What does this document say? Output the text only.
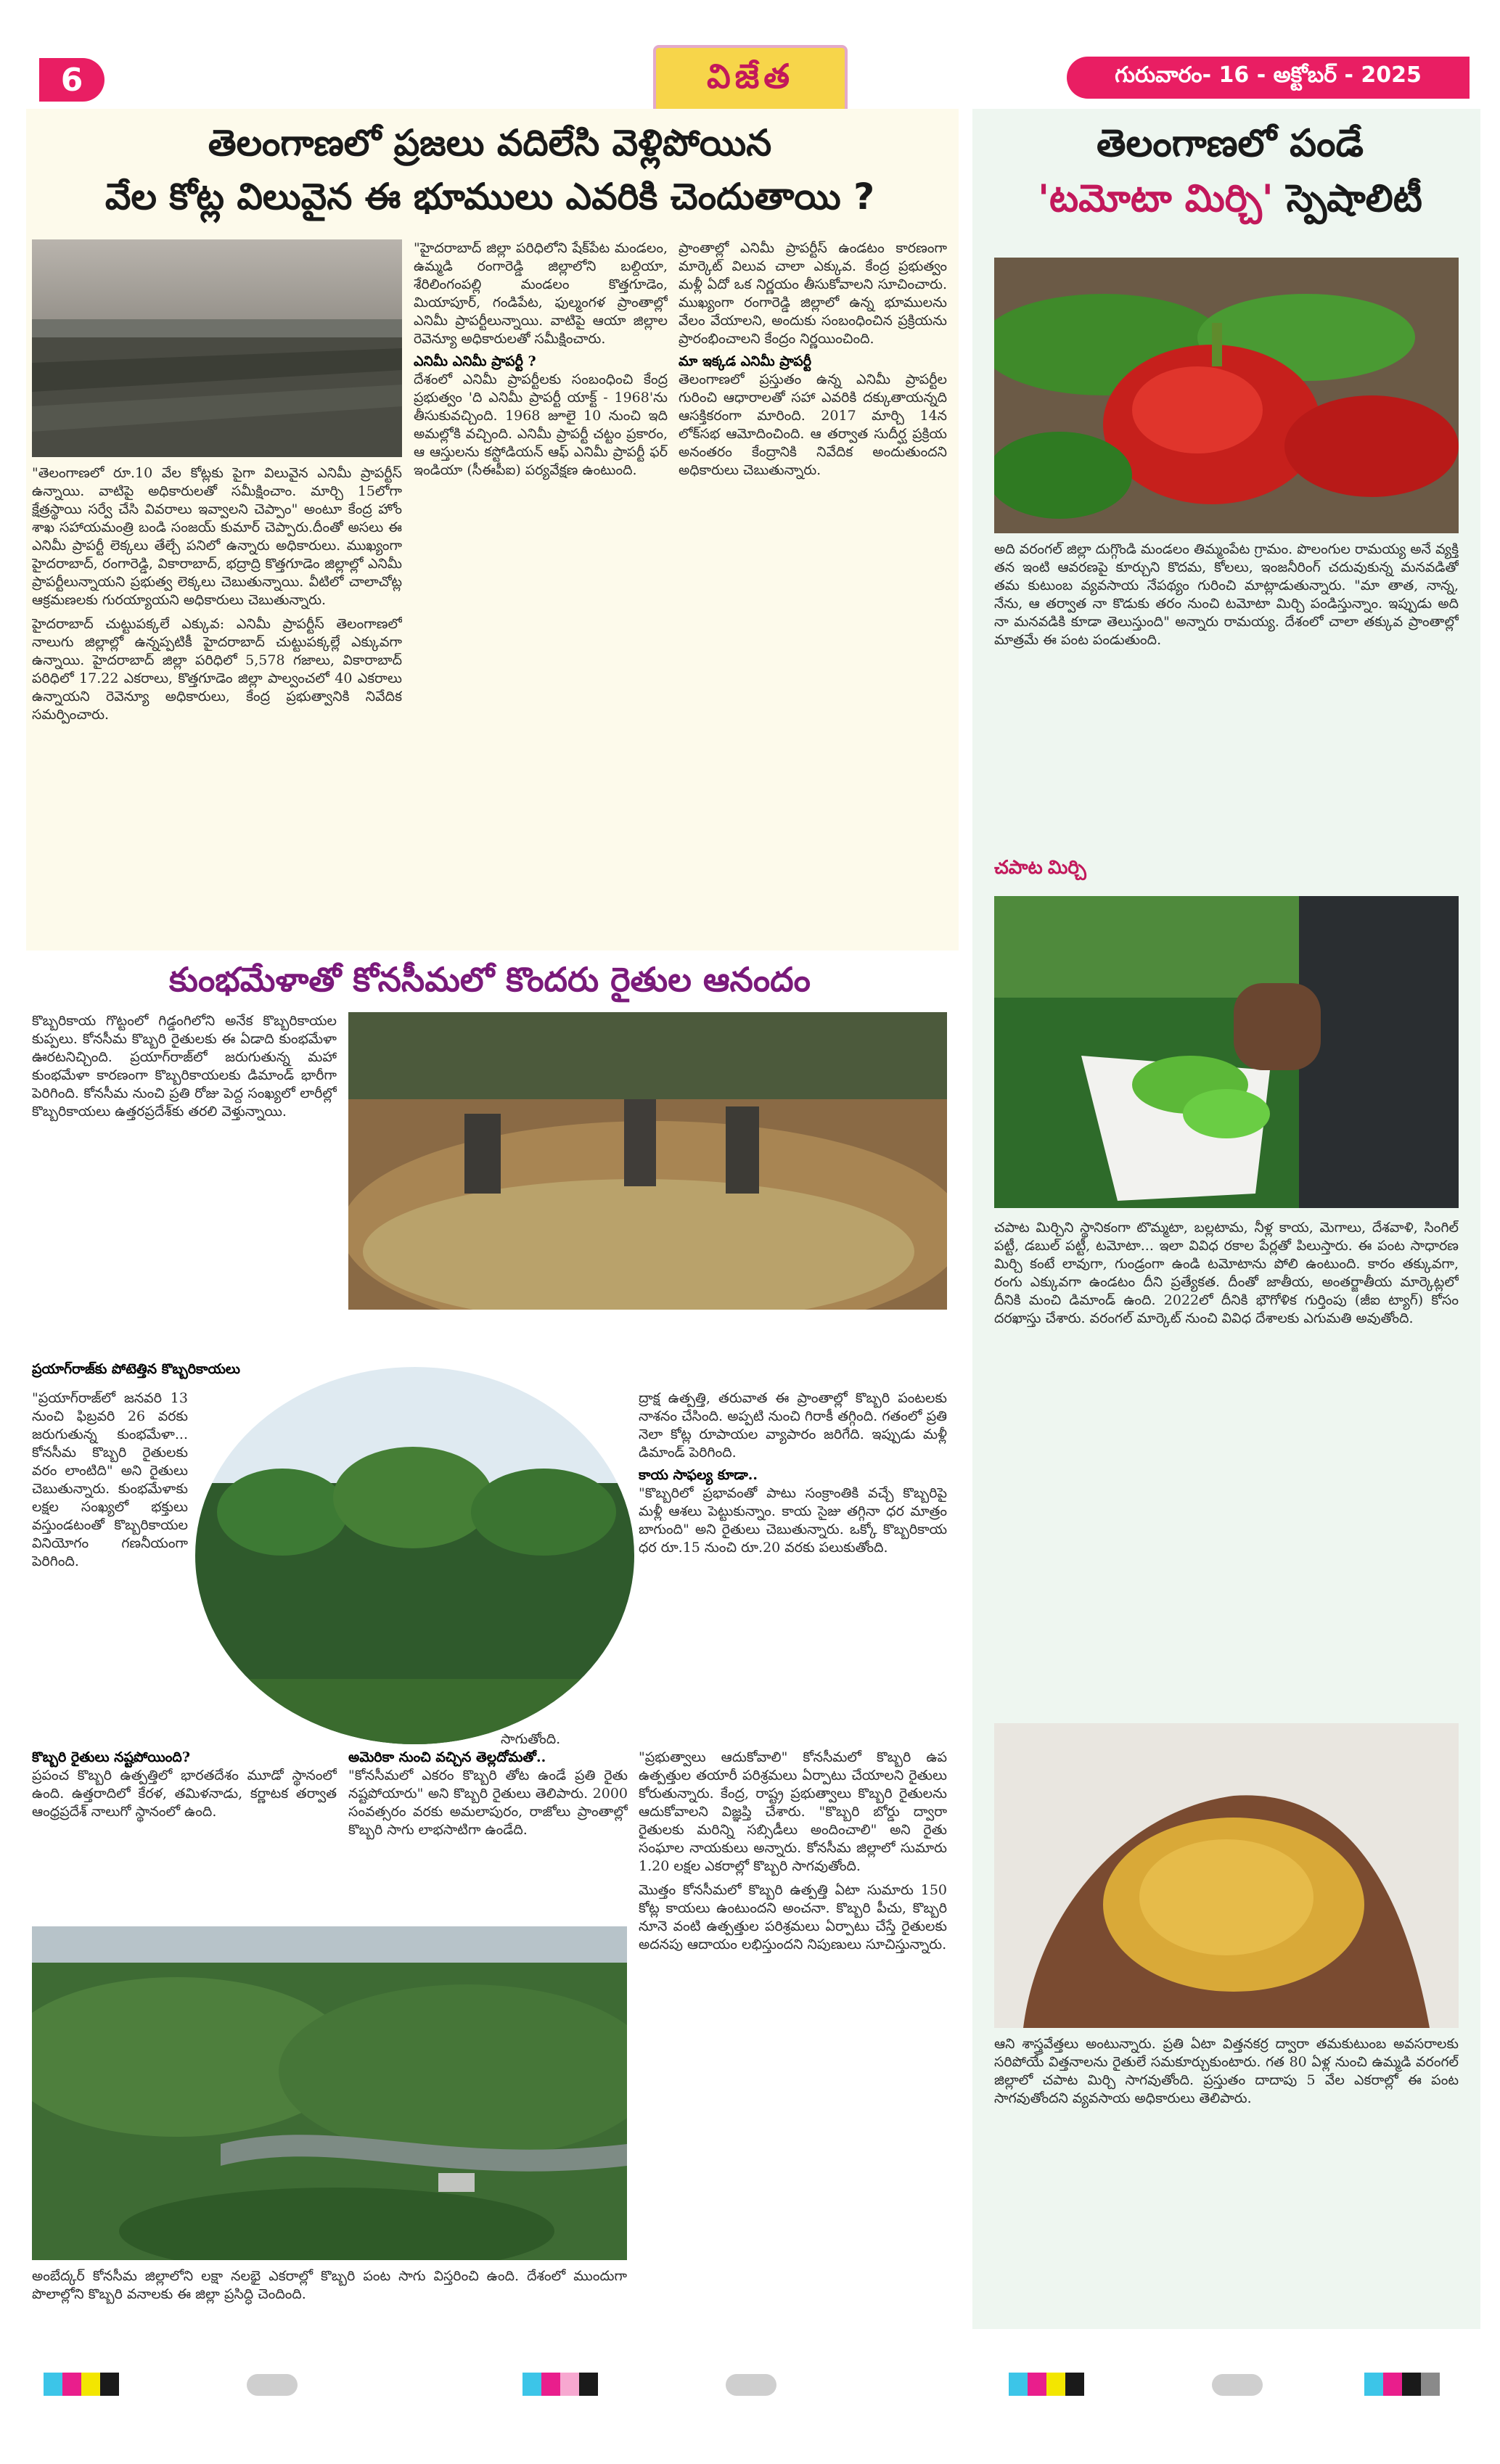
6	విజేత	గురువారం- 16 - అక్టోబర్ - 2025
తెలంగాణలో ప్రజలు వదిలేసి వెళ్లిపోయిన
వేల కోట్ల విలువైన ఈ భూములు ఎవరికి చెందుతాయి ?
"తెలంగాణలో రూ.10 వేల కోట్లకు పైగా విలువైన ఎనిమీ ప్రాపర్టీస్ ఉన్నాయి. వాటిపై అధికారులతో సమీక్షించాం. మార్చి 15లోగా క్షేత్రస్థాయి సర్వే చేసి వివరాలు ఇవ్వాలని చెప్పాం" అంటూ కేంద్ర హోం శాఖ సహాయమంత్రి బండి సంజయ్ కుమార్ చెప్పారు.దీంతో అసలు ఈ ఎనిమీ ప్రాపర్టీ లెక్కలు తేల్చే పనిలో ఉన్నారు అధికారులు. ముఖ్యంగా హైదరాబాద్, రంగారెడ్డి, వికారాబాద్, భద్రాద్రి కొత్తగూడెం జిల్లాల్లో ఎనిమీ ప్రాపర్టీలున్నాయని ప్రభుత్వ లెక్కలు చెబుతున్నాయి. వీటిలో చాలాచోట్ల ఆక్రమణలకు గురయ్యాయని అధికారులు చెబుతున్నారు.
హైదరాబాద్ చుట్టుపక్కలే ఎక్కువ: ఎనిమీ ప్రాపర్టీస్ తెలంగాణలో నాలుగు జిల్లాల్లో ఉన్నప్పటికీ హైదరాబాద్ చుట్టుపక్కల్లే ఎక్కువగా ఉన్నాయి. హైదరాబాద్ జిల్లా పరిధిలో 5,578 గజాలు, వికారాబాద్ పరిధిలో 17.22 ఎకరాలు, కొత్తగూడెం జిల్లా పాల్వంచలో 40 ఎకరాలు ఉన్నాయని రెవెన్యూ అధికారులు, కేంద్ర ప్రభుత్వానికి నివేదిక సమర్పించారు.
"హైదరాబాద్ జిల్లా పరిధిలోని షేక్‌పేట మండలం, ఉమ్మడి రంగారెడ్డి జిల్లాలోని బల్దియా, శేరిలింగంపల్లి మండలం కొత్తగూడెం, మియాపూర్, గండిపేట, ఫుల్మంగళ ప్రాంతాల్లో ఎనిమీ ప్రాపర్టీలున్నాయి. వాటిపై ఆయా జిల్లాల రెవెన్యూ అధికారులతో సమీక్షించారు.
ఎనిమీ ఎనిమీ ప్రాపర్టీ ?
దేశంలో ఎనిమీ ప్రాపర్టీలకు సంబంధించి కేంద్ర ప్రభుత్వం 'ది ఎనిమీ ప్రాపర్టీ యాక్ట్ - 1968'ను తీసుకువచ్చింది. 1968 జూలై 10 నుంచి ఇది అమల్లోకి వచ్చింది. ఎనిమీ ప్రాపర్టీ చట్టం ప్రకారం, ఆ ఆస్తులను కస్టోడియన్ ఆఫ్ ఎనిమీ ప్రాపర్టీ ఫర్ ఇండియా (సీఈపీఐ) పర్యవేక్షణ ఉంటుంది.
ప్రాంతాల్లో ఎనిమీ ప్రాపర్టీస్ ఉండటం కారణంగా మార్కెట్ విలువ చాలా ఎక్కువ. కేంద్ర ప్రభుత్వం మళ్లీ ఏదో ఒక నిర్ణయం తీసుకోవాలని సూచించారు. ముఖ్యంగా రంగారెడ్డి జిల్లాలో ఉన్న భూములను వేలం వేయాలని, అందుకు సంబంధించిన ప్రక్రియను ప్రారంభించాలని కేంద్రం నిర్ణయించింది.
మా ఇక్కడ ఎనిమీ ప్రాపర్టీ
తెలంగాణలో ప్రస్తుతం ఉన్న ఎనిమీ ప్రాపర్టీల గురించి ఆధారాలతో సహా ఎవరికి దక్కుతాయన్నది ఆసక్తికరంగా మారింది. 2017 మార్చి 14న లోక్‌సభ ఆమోదించింది. ఆ తర్వాత సుదీర్ఘ ప్రక్రియ అనంతరం కేంద్రానికి నివేదిక అందుతుందని అధికారులు చెబుతున్నారు.
తెలంగాణలో పండే
'టమోటా మిర్చి' స్పెషాలిటీ
అది వరంగల్ జిల్లా దుగ్గొండి మండలం తిమ్మంపేట గ్రామం. పొలంగుల రామయ్య అనే వ్యక్తి తన ఇంటి ఆవరణపై కూర్చుని కొదమ, కోలలు, ఇంజనీరింగ్ చదువుకున్న మనవడితో తమ కుటుంబ వ్యవసాయ నేపథ్యం గురించి మాట్లాడుతున్నారు. "మా తాత, నాన్న, నేను, ఆ తర్వాత నా కొడుకు తరం నుంచి టమోటా మిర్చి పండిస్తున్నాం. ఇప్పుడు అది నా మనవడికి కూడా తెలుస్తుంది" అన్నారు రామయ్య. దేశంలో చాలా తక్కువ ప్రాంతాల్లో మాత్రమే ఈ పంట పండుతుంది.
చపాట మిర్చి
చపాట మిర్చిని స్థానికంగా టొమ్మటా, బల్లటామ, నీళ్ల కాయ, మెగాలు, దేశవాళి, సింగిల్ పట్టీ, డబుల్ పట్టీ, టమోటా... ఇలా వివిధ రకాల పేర్లతో పిలుస్తారు. ఈ పంట సాధారణ మిర్చి కంటే లావుగా, గుండ్రంగా ఉండి టమోటాను పోలి ఉంటుంది. కారం తక్కువగా, రంగు ఎక్కువగా ఉండటం దీని ప్రత్యేకత. దీంతో జాతీయ, అంతర్జాతీయ మార్కెట్లలో దీనికి మంచి డిమాండ్ ఉంది. 2022లో దీనికి భౌగోళిక గుర్తింపు (జీఐ ట్యాగ్) కోసం దరఖాస్తు చేశారు. వరంగల్ మార్కెట్ నుంచి వివిధ దేశాలకు ఎగుమతి అవుతోంది.
ఆని శాస్త్రవేత్తలు అంటున్నారు. ప్రతి ఏటా విత్తనకర్ర ద్వారా తమకుటుంబ అవసరాలకు సరిపోయే విత్తనాలను రైతులే సమకూర్చుకుంటారు. గత 80 ఏళ్ల నుంచి ఉమ్మడి వరంగల్ జిల్లాలో చపాట మిర్చి సాగవుతోంది. ప్రస్తుతం దాదాపు 5 వేల ఎకరాల్లో ఈ పంట సాగవుతోందని వ్యవసాయ అధికారులు తెలిపారు.
కుంభమేళాతో కోనసీమలో కొందరు రైతుల ఆనందం
కొబ్బరికాయ గొట్టంలో గిడ్డంగిలోని అనేక కొబ్బరికాయల కుప్పలు. కోనసీమ కొబ్బరి రైతులకు ఈ ఏడాది కుంభమేళా ఊరటనిచ్చింది. ప్రయాగ్‌రాజ్‌లో జరుగుతున్న మహా కుంభమేళా కారణంగా కొబ్బరికాయలకు డిమాండ్ భారీగా పెరిగింది. కోనసీమ నుంచి ప్రతి రోజు పెద్ద సంఖ్యలో లారీల్లో కొబ్బరికాయలు ఉత్తరప్రదేశ్‌కు తరలి వెళ్తున్నాయి.
ప్రయాగ్‌రాజ్‌కు పోటెత్తిన కొబ్బరికాయలు
"ప్రయాగ్‌రాజ్‌లో జనవరి 13 నుంచి ఫిబ్రవరి 26 వరకు జరుగుతున్న కుంభమేళా... కోనసీమ కొబ్బరి రైతులకు వరం లాంటిది" అని రైతులు చెబుతున్నారు. కుంభమేళాకు లక్షల సంఖ్యలో భక్తులు వస్తుండటంతో కొబ్బరికాయల వినియోగం గణనీయంగా పెరిగింది.
కొబ్బరి రైతులు నష్టపోయింది?
ప్రపంచ కొబ్బరి ఉత్పత్తిలో భారతదేశం మూడో స్థానంలో ఉంది. ఉత్తరాదిలో కేరళ, తమిళనాడు, కర్ణాటక తర్వాత ఆంధ్రప్రదేశ్ నాలుగో స్థానంలో ఉంది.
ద్రాక్ష ఉత్పత్తి, తరువాత ఈ ప్రాంతాల్లో కొబ్బరి పంటలకు నాశనం చేసింది. అప్పటి నుంచి గిరాకీ తగ్గింది. గతంలో ప్రతి నెలా కోట్ల రూపాయల వ్యాపారం జరిగేది. ఇప్పుడు మళ్లీ డిమాండ్ పెరిగింది.
కాయ సాఫల్య కూడా..
"కొబ్బరిలో ప్రభావంతో పాటు సంక్రాంతికి వచ్చే కొబ్బరిపై మళ్లీ ఆశలు పెట్టుకున్నాం. కాయ సైజు తగ్గినా ధర మాత్రం బాగుంది" అని రైతులు చెబుతున్నారు. ఒక్కో కొబ్బరికాయ ధర రూ.15 నుంచి రూ.20 వరకు పలుకుతోంది.
అమెరికా నుంచి వచ్చిన తెల్లదోమతో..
"కోనసీమలో ఎకరం కొబ్బరి తోట ఉండే ప్రతి రైతు నష్టపోయారు" అని కొబ్బరి రైతులు తెలిపారు. 2000 సంవత్సరం వరకు అమలాపురం, రాజోలు ప్రాంతాల్లో కొబ్బరి సాగు లాభసాటిగా ఉండేది.
సాగుతోంది.
"ప్రభుత్వాలు ఆదుకోవాలి" కోనసీమలో కొబ్బరి ఉప ఉత్పత్తుల తయారీ పరిశ్రమలు ఏర్పాటు చేయాలని రైతులు కోరుతున్నారు. కేంద్ర, రాష్ట్ర ప్రభుత్వాలు కొబ్బరి రైతులను ఆదుకోవాలని విజ్ఞప్తి చేశారు. "కొబ్బరి బోర్డు ద్వారా రైతులకు మరిన్ని సబ్సిడీలు అందించాలి" అని రైతు సంఘాల నాయకులు అన్నారు. కోనసీమ జిల్లాలో సుమారు 1.20 లక్షల ఎకరాల్లో కొబ్బరి సాగవుతోంది.
మొత్తం కోనసీమలో కొబ్బరి ఉత్పత్తి ఏటా సుమారు 150 కోట్ల కాయలు ఉంటుందని అంచనా. కొబ్బరి పీచు, కొబ్బరి నూనె వంటి ఉత్పత్తుల పరిశ్రమలు ఏర్పాటు చేస్తే రైతులకు అదనపు ఆదాయం లభిస్తుందని నిపుణులు సూచిస్తున్నారు.
అంబేద్కర్ కోనసీమ జిల్లాలోని లక్షా నలభై ఎకరాల్లో కొబ్బరి పంట సాగు విస్తరించి ఉంది. దేశంలో ముందుగా పొలాల్లోని కొబ్బరి వనాలకు ఈ జిల్లా ప్రసిద్ధి చెందింది.
